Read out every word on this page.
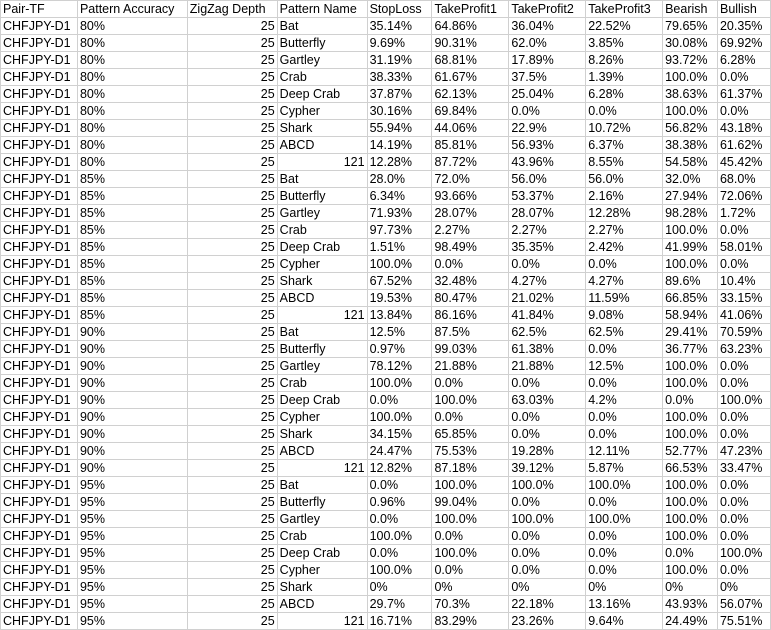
Pair-TF	Pattern Accuracy	ZigZag Depth	Pattern Name	StopLoss	TakeProfit1	TakeProfit2	TakeProfit3	Bearish	Bullish
CHFJPY-D1	80%	25	Bat	35.14%	64.86%	36.04%	22.52%	79.65%	20.35%
CHFJPY-D1	80%	25	Butterfly	9.69%	90.31%	62.0%	3.85%	30.08%	69.92%
CHFJPY-D1	80%	25	Gartley	31.19%	68.81%	17.89%	8.26%	93.72%	6.28%
CHFJPY-D1	80%	25	Crab	38.33%	61.67%	37.5%	1.39%	100.0%	0.0%
CHFJPY-D1	80%	25	Deep Crab	37.87%	62.13%	25.04%	6.28%	38.63%	61.37%
CHFJPY-D1	80%	25	Cypher	30.16%	69.84%	0.0%	0.0%	100.0%	0.0%
CHFJPY-D1	80%	25	Shark	55.94%	44.06%	22.9%	10.72%	56.82%	43.18%
CHFJPY-D1	80%	25	ABCD	14.19%	85.81%	56.93%	6.37%	38.38%	61.62%
CHFJPY-D1	80%	25	121	12.28%	87.72%	43.96%	8.55%	54.58%	45.42%
CHFJPY-D1	85%	25	Bat	28.0%	72.0%	56.0%	56.0%	32.0%	68.0%
CHFJPY-D1	85%	25	Butterfly	6.34%	93.66%	53.37%	2.16%	27.94%	72.06%
CHFJPY-D1	85%	25	Gartley	71.93%	28.07%	28.07%	12.28%	98.28%	1.72%
CHFJPY-D1	85%	25	Crab	97.73%	2.27%	2.27%	2.27%	100.0%	0.0%
CHFJPY-D1	85%	25	Deep Crab	1.51%	98.49%	35.35%	2.42%	41.99%	58.01%
CHFJPY-D1	85%	25	Cypher	100.0%	0.0%	0.0%	0.0%	100.0%	0.0%
CHFJPY-D1	85%	25	Shark	67.52%	32.48%	4.27%	4.27%	89.6%	10.4%
CHFJPY-D1	85%	25	ABCD	19.53%	80.47%	21.02%	11.59%	66.85%	33.15%
CHFJPY-D1	85%	25	121	13.84%	86.16%	41.84%	9.08%	58.94%	41.06%
CHFJPY-D1	90%	25	Bat	12.5%	87.5%	62.5%	62.5%	29.41%	70.59%
CHFJPY-D1	90%	25	Butterfly	0.97%	99.03%	61.38%	0.0%	36.77%	63.23%
CHFJPY-D1	90%	25	Gartley	78.12%	21.88%	21.88%	12.5%	100.0%	0.0%
CHFJPY-D1	90%	25	Crab	100.0%	0.0%	0.0%	0.0%	100.0%	0.0%
CHFJPY-D1	90%	25	Deep Crab	0.0%	100.0%	63.03%	4.2%	0.0%	100.0%
CHFJPY-D1	90%	25	Cypher	100.0%	0.0%	0.0%	0.0%	100.0%	0.0%
CHFJPY-D1	90%	25	Shark	34.15%	65.85%	0.0%	0.0%	100.0%	0.0%
CHFJPY-D1	90%	25	ABCD	24.47%	75.53%	19.28%	12.11%	52.77%	47.23%
CHFJPY-D1	90%	25	121	12.82%	87.18%	39.12%	5.87%	66.53%	33.47%
CHFJPY-D1	95%	25	Bat	0.0%	100.0%	100.0%	100.0%	100.0%	0.0%
CHFJPY-D1	95%	25	Butterfly	0.96%	99.04%	0.0%	0.0%	100.0%	0.0%
CHFJPY-D1	95%	25	Gartley	0.0%	100.0%	100.0%	100.0%	100.0%	0.0%
CHFJPY-D1	95%	25	Crab	100.0%	0.0%	0.0%	0.0%	100.0%	0.0%
CHFJPY-D1	95%	25	Deep Crab	0.0%	100.0%	0.0%	0.0%	0.0%	100.0%
CHFJPY-D1	95%	25	Cypher	100.0%	0.0%	0.0%	0.0%	100.0%	0.0%
CHFJPY-D1	95%	25	Shark	0%	0%	0%	0%	0%	0%
CHFJPY-D1	95%	25	ABCD	29.7%	70.3%	22.18%	13.16%	43.93%	56.07%
CHFJPY-D1	95%	25	121	16.71%	83.29%	23.26%	9.64%	24.49%	75.51%
